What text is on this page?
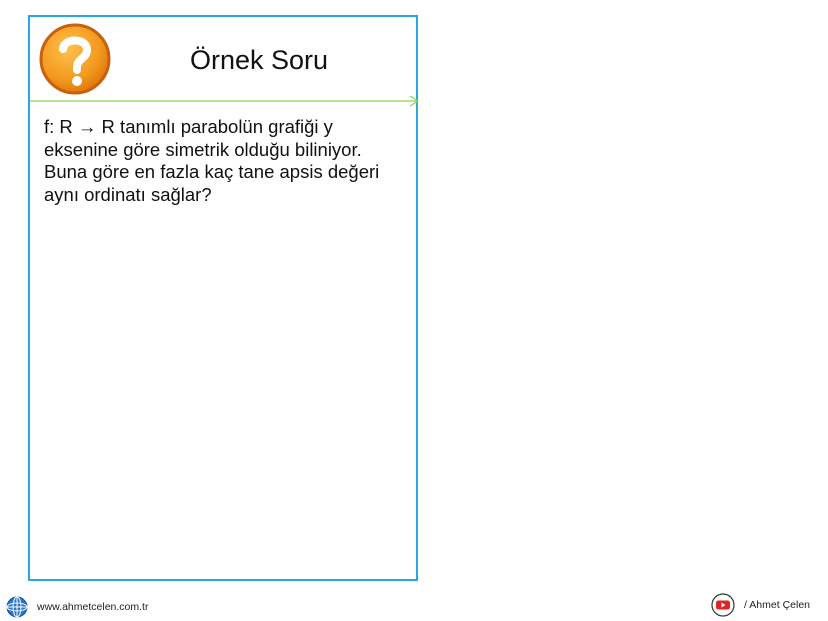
Örnek Soru
f: R → R tanımlı parabolün grafiği y
eksenine göre simetrik olduğu biliniyor.
Buna göre en fazla kaç tane apsis değeri
aynı ordinatı sağlar?
www.ahmetcelen.com.tr	/ Ahmet Çelen
